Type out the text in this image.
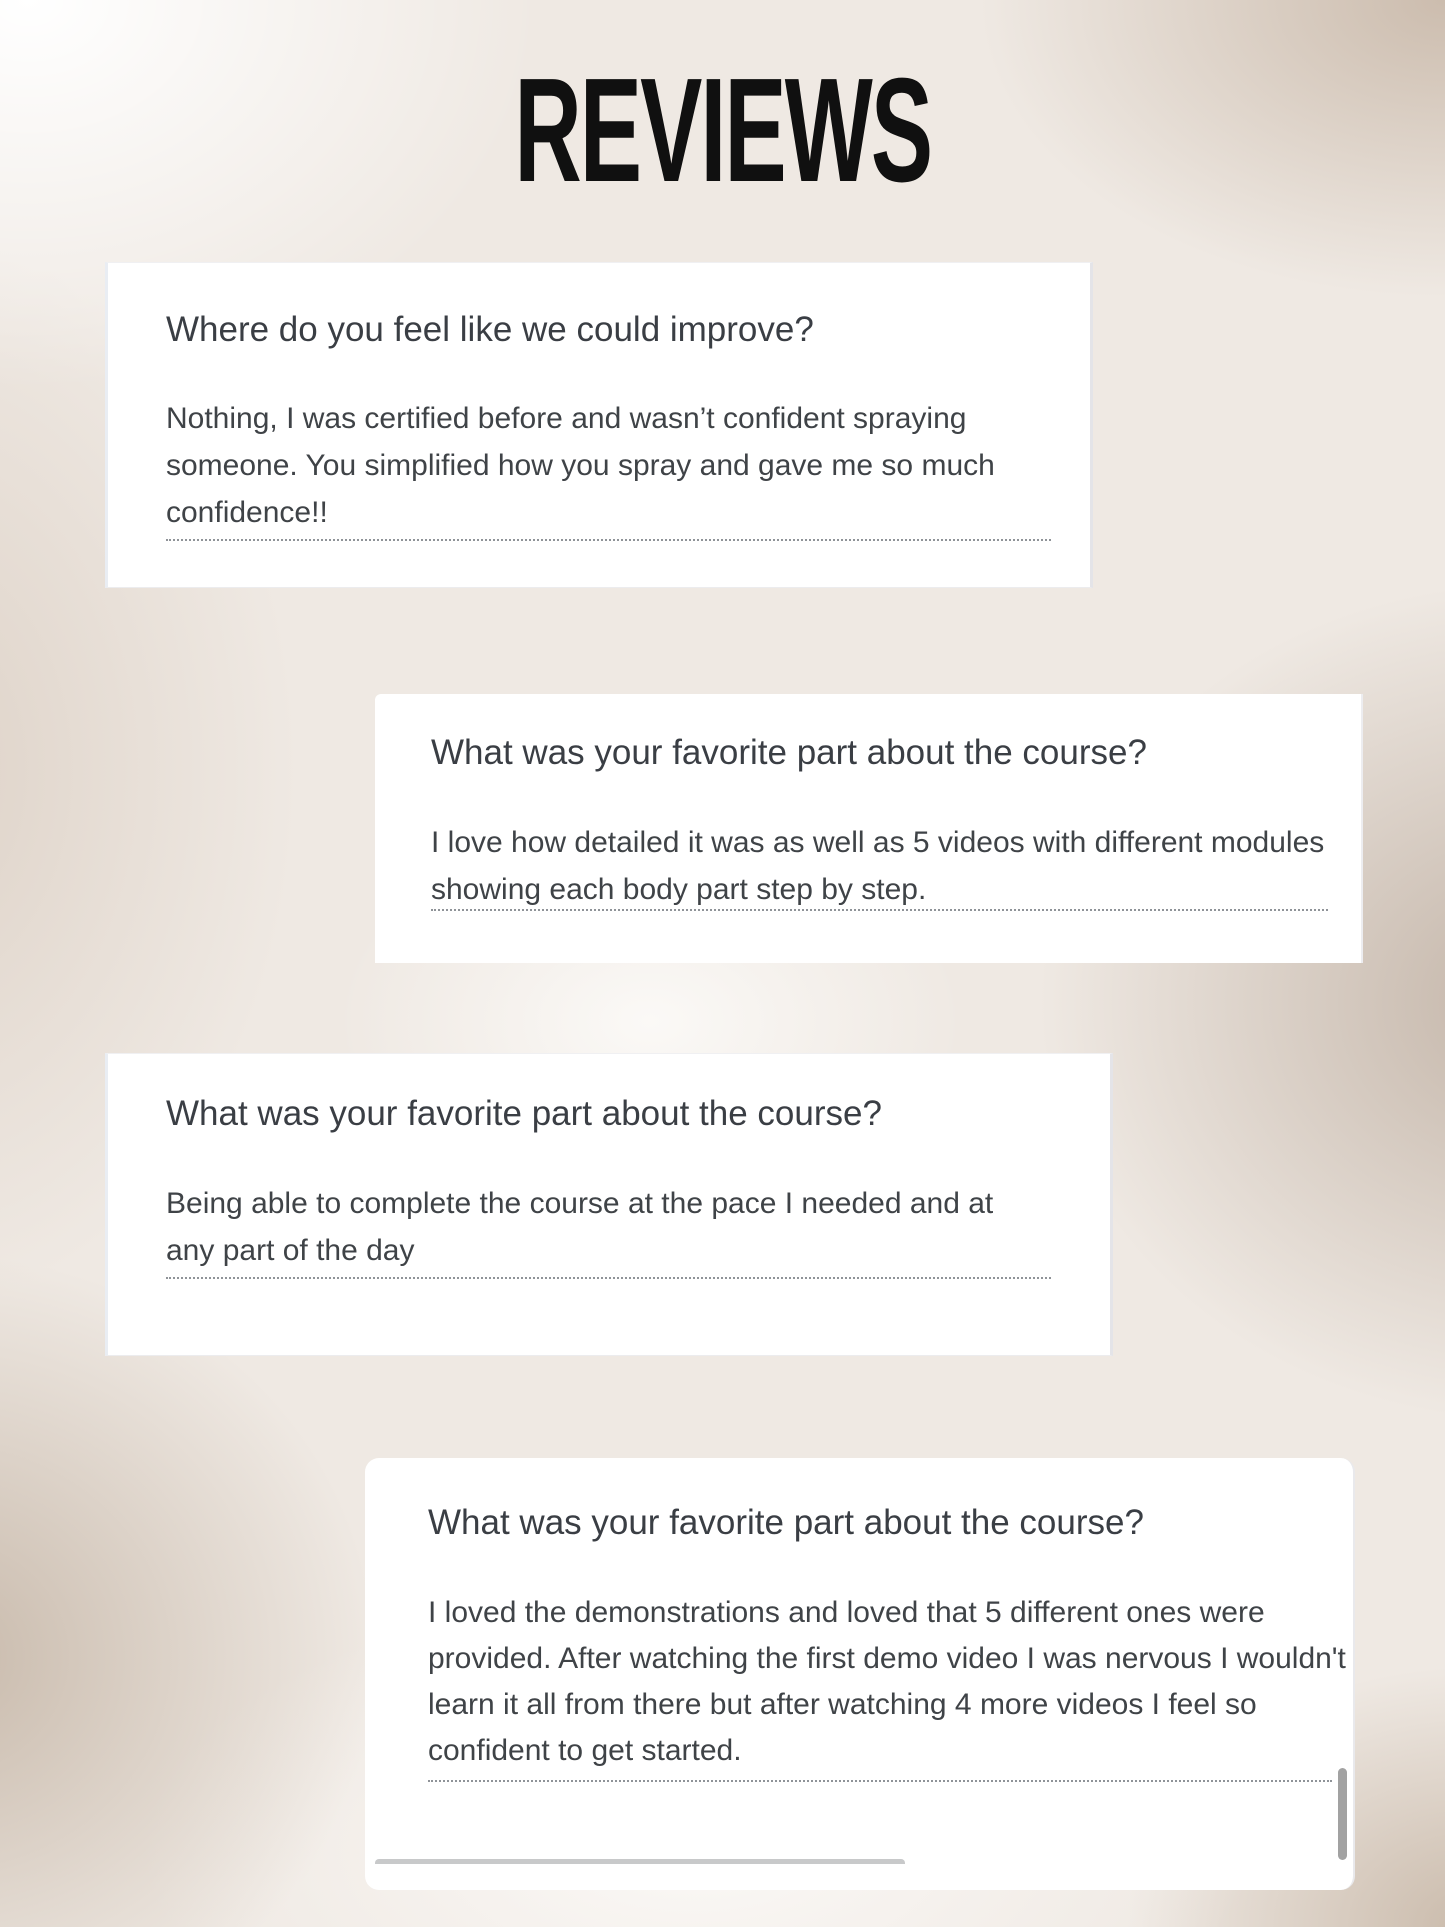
REVIEWS
Where do you feel like we could improve?
Nothing, I was certified before and wasn’t confident spraying someone. You simplified how you spray and gave me so much confidence!!
What was your favorite part about the course?
I love how detailed it was as well as 5 videos with different modules showing each body part step by step.
What was your favorite part about the course?
Being able to complete the course at the pace I needed and at any part of the day
What was your favorite part about the course?
I loved the demonstrations and loved that 5 different ones were provided. After watching the first demo video I was nervous I wouldn't learn it all from there but after watching 4 more videos I feel so confident to get started.
